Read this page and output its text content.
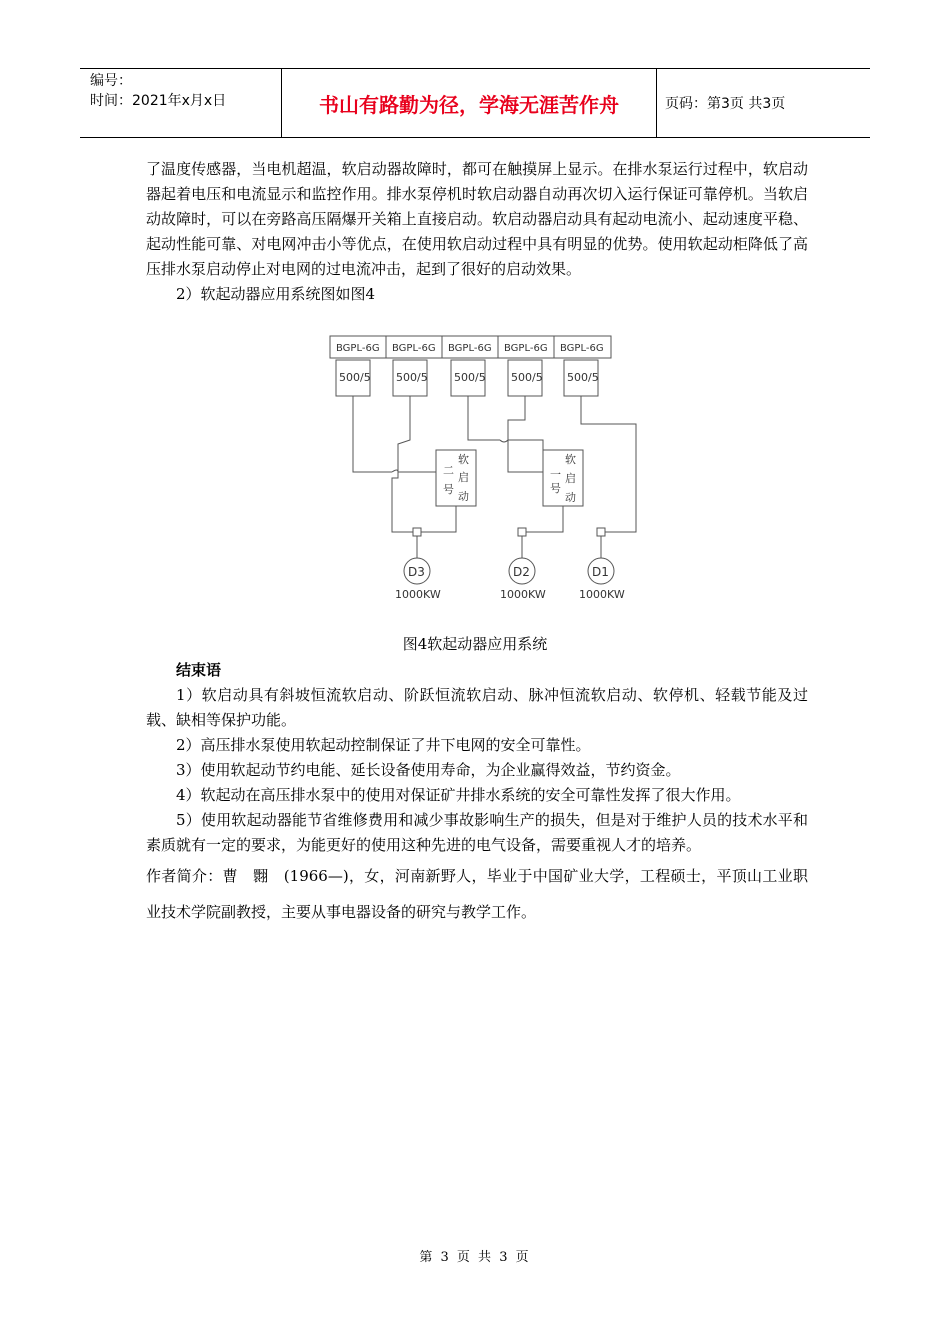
编号：
时间：2021年x月x日	书山有路勤为径，学海无涯苦作舟	页码：第3页 共3页

了温度传感器，当电机超温，软启动器故障时，都可在触摸屏上显示。在排水泵运行过程中，软启动器起着电压和电流显示和监控作用。排水泵停机时软启动器自动再次切入运行保证可靠停机。当软启动故障时，可以在旁路高压隔爆开关箱上直接启动。软启动器启动具有起动电流小、起动速度平稳、起动性能可靠、对电网冲击小等优点，在使用软启动过程中具有明显的优势。使用软起动柜降低了高压排水泵启动停止对电网的过电流冲击，起到了很好的启动效果。

2）软起动器应用系统图如图4

BGPL-6G BGPL-6G BGPL-6G BGPL-6G BGPL-6G
500/5 500/5 500/5 500/5 500/5
软
二
启
号
动
软
一 启
号
动
D3	D2	D1
1000KW	1000KW	1000KW
图4软起动器应用系统

结束语

1）软启动具有斜坡恒流软启动、阶跃恒流软启动、脉冲恒流软启动、软停机、轻载节能及过载、缺相等保护功能。

2）高压排水泵使用软起动控制保证了井下电网的安全可靠性。

3）使用软起动节约电能、延长设备使用寿命，为企业赢得效益，节约资金。

4）软起动在高压排水泵中的使用对保证矿井排水系统的安全可靠性发挥了很大作用。

5）使用软起动器能节省维修费用和减少事故影响生产的损失，但是对于维护人员的技术水平和素质就有一定的要求，为能更好的使用这种先进的电气设备，需要重视人才的培养。

作者简介：曹　翾　(1966—)，女，河南新野人，毕业于中国矿业大学，工程硕士，平顶山工业职业技术学院副教授，主要从事电器设备的研究与教学工作。

第 3 页 共 3 页
